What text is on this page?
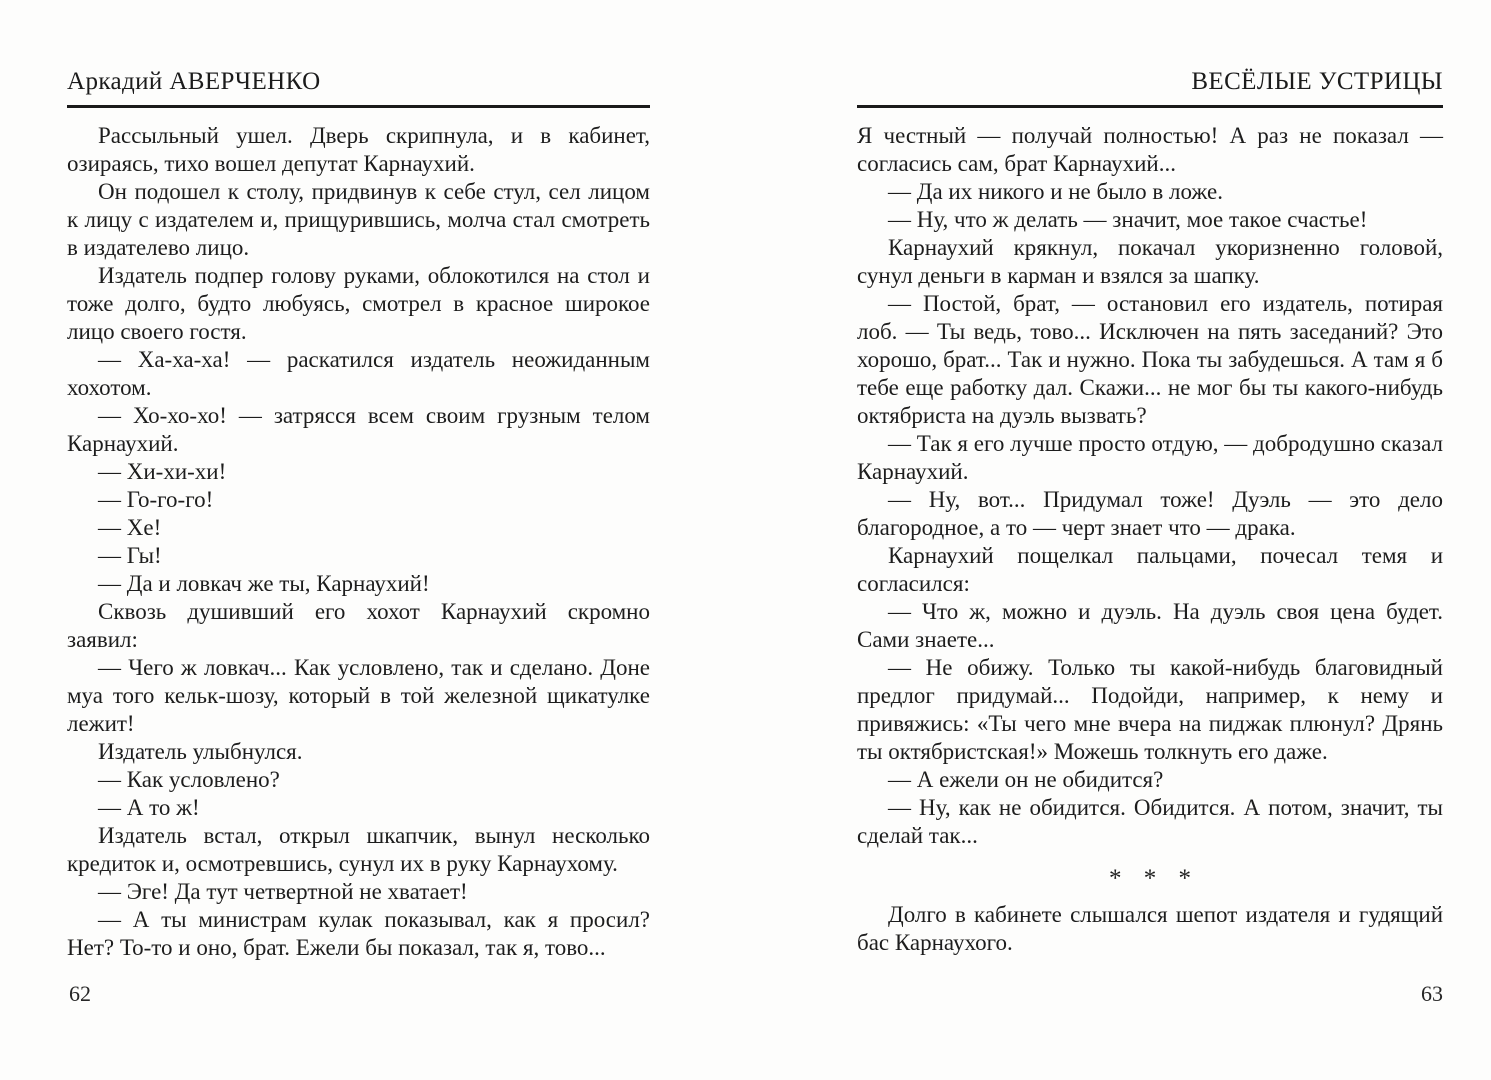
Аркадий АВЕРЧЕНКО

Рассыльный ушел. Дверь скрипнула, и в кабинет, озираясь, тихо вошел депутат Карнаухий.

Он подошел к столу, придвинув к себе стул, сел лицом к лицу с издателем и, прищурившись, молча стал смотреть в издателево лицо.

Издатель подпер голову руками, облокотился на стол и тоже долго, будто любуясь, смотрел в красное широкое лицо своего гостя.

— Ха-ха-ха! — раскатился издатель неожиданным хохотом.

— Хо-хо-хо! — затрясся всем своим грузным телом Карнаухий.

— Хи-хи-хи!

— Го-го-го!

— Хе!

— Гы!

— Да и ловкач же ты, Карнаухий!

Сквозь душивший его хохот Карнаухий скромно заявил:

— Чего ж ловкач... Как условлено, так и сделано. Доне муа того кельк-шозу, который в той железной щикатулке лежит!

Издатель улыбнулся.

— Как условлено?

— А то ж!

Издатель встал, открыл шкапчик, вынул несколько кредиток и, осмотревшись, сунул их в руку Карнаухому.

— Эге! Да тут четвертной не хватает!

— А ты министрам кулак показывал, как я просил? Нет? То-то и оно, брат. Ежели бы показал, так я, тово...

ВЕСЁЛЫЕ УСТРИЦЫ

Я честный — получай полностью! А раз не показал — согласись сам, брат Карнаухий...

— Да их никого и не было в ложе.

— Ну, что ж делать — значит, мое такое счастье!

Карнаухий крякнул, покачал укоризненно головой, сунул деньги в карман и взялся за шапку.

— Постой, брат, — остановил его издатель, потирая лоб. — Ты ведь, тово... Исключен на пять заседаний? Это хорошо, брат... Так и нужно. Пока ты забудешься. А там я б тебе еще работку дал. Скажи... не мог бы ты какого-нибудь октябриста на дуэль вызвать?

— Так я его лучше просто отдую, — добродушно сказал Карнаухий.

— Ну, вот... Придумал тоже! Дуэль — это дело благородное, а то — черт знает что — драка.

Карнаухий пощелкал пальцами, почесал темя и согласился:

— Что ж, можно и дуэль. На дуэль своя цена будет. Сами знаете...

— Не обижу. Только ты какой-нибудь благовидный предлог придумай... Подойди, например, к нему и привяжись: «Ты чего мне вчера на пиджак плюнул? Дрянь ты октябристская!» Можешь толкнуть его даже.

— А ежели он не обидится?

— Ну, как не обидится. Обидится. А потом, значит, ты сделай так...

* * *

Долго в кабинете слышался шепот издателя и гудящий бас Карнаухого.

62	63
